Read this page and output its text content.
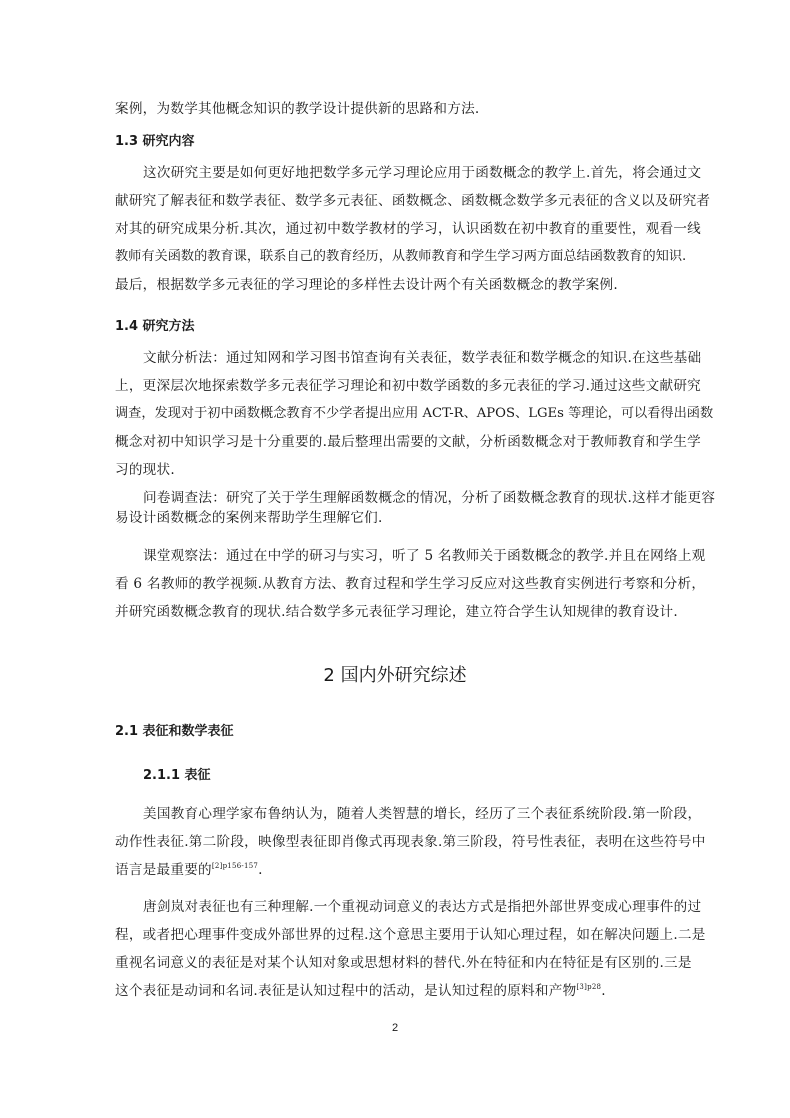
案例，为数学其他概念知识的教学设计提供新的思路和方法.
1.3 研究内容
这次研究主要是如何更好地把数学多元学习理论应用于函数概念的教学上.首先，将会通过文
献研究了解表征和数学表征、数学多元表征、函数概念、函数概念数学多元表征的含义以及研究者
对其的研究成果分析.其次，通过初中数学教材的学习，认识函数在初中教育的重要性，观看一线
教师有关函数的教育课，联系自己的教育经历，从教师教育和学生学习两方面总结函数教育的知识.
最后，根据数学多元表征的学习理论的多样性去设计两个有关函数概念的教学案例.
1.4 研究方法
文献分析法：通过知网和学习图书馆查询有关表征，数学表征和数学概念的知识.在这些基础
上，更深层次地探索数学多元表征学习理论和初中数学函数的多元表征的学习.通过这些文献研究
调查，发现对于初中函数概念教育不少学者提出应用 ACT-R、APOS、LGEs 等理论，可以看得出函数
概念对初中知识学习是十分重要的.最后整理出需要的文献，分析函数概念对于教师教育和学生学
习的现状.
问卷调查法：研究了关于学生理解函数概念的情况，分析了函数概念教育的现状.这样才能更容
易设计函数概念的案例来帮助学生理解它们.
课堂观察法：通过在中学的研习与实习，听了 5 名教师关于函数概念的教学.并且在网络上观
看 6 名教师的教学视频.从教育方法、教育过程和学生学习反应对这些教育实例进行考察和分析，
并研究函数概念教育的现状.结合数学多元表征学习理论，建立符合学生认知规律的教育设计.
2 国内外研究综述
2.1 表征和数学表征
2.1.1 表征
美国教育心理学家布鲁纳认为，随着人类智慧的增长，经历了三个表征系统阶段.第一阶段，
动作性表征.第二阶段，映像型表征即肖像式再现表象.第三阶段，符号性表征，表明在这些符号中
语言是最重要的$^{[2]p156-157}$.
唐剑岚对表征也有三种理解.一个重视动词意义的表达方式是指把外部世界变成心理事件的过
程，或者把心理事件变成外部世界的过程.这个意思主要用于认知心理过程，如在解决问题上.二是
重视名词意义的表征是对某个认知对象或思想材料的替代.外在特征和内在特征是有区别的.三是
这个表征是动词和名词.表征是认知过程中的活动，是认知过程的原料和产物$^{[3]p28}$.
2
